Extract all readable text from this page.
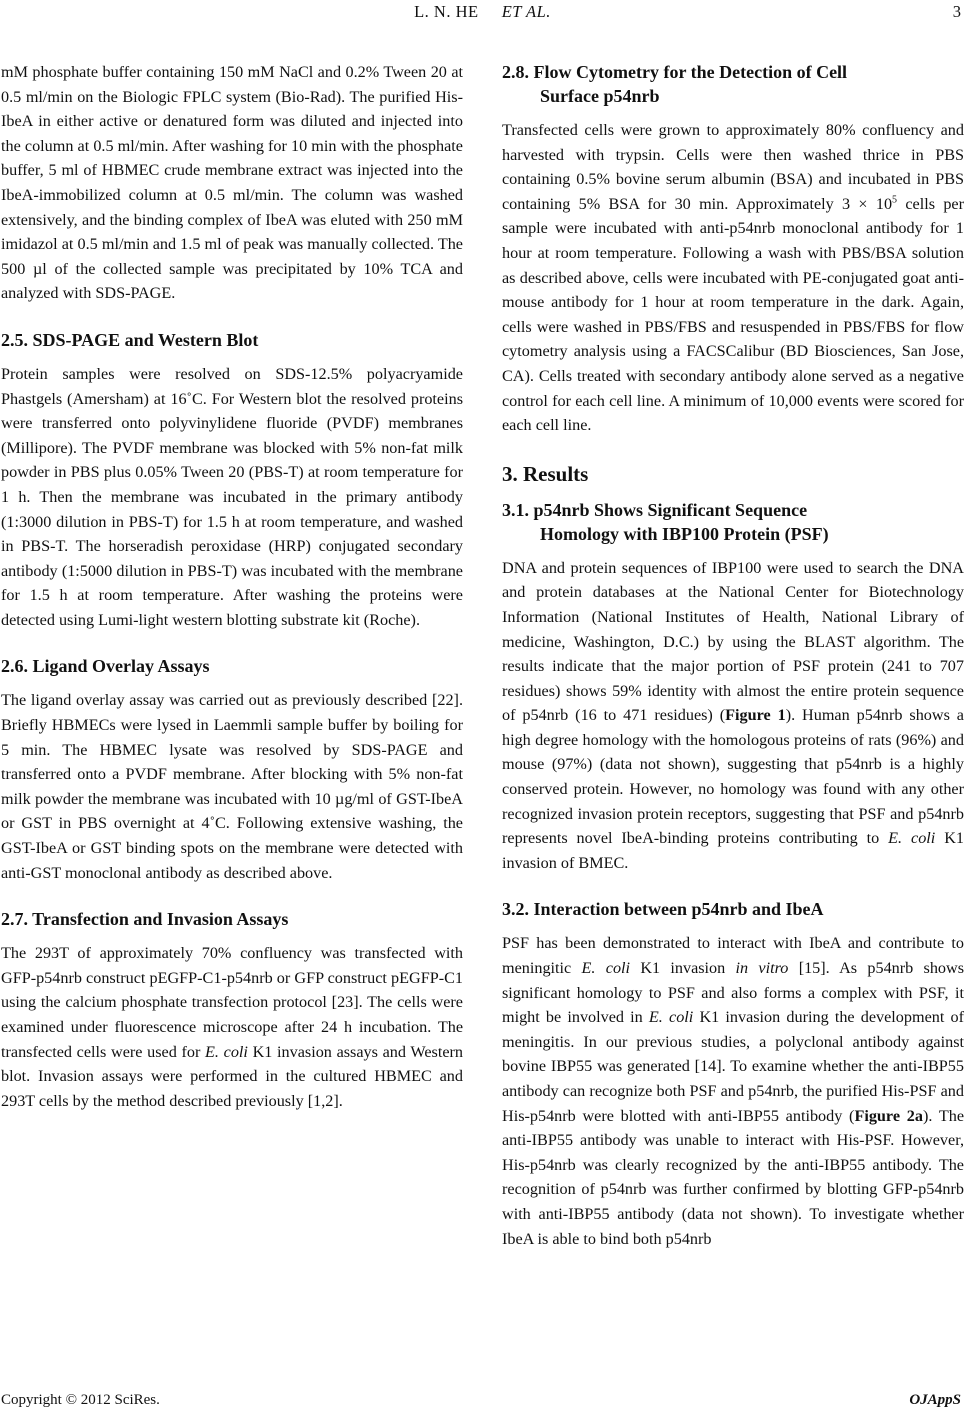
L. N. HE ET AL.	3

mM phosphate buffer containing 150 mM NaCl and 0.2% Tween 20 at 0.5 ml/min on the Biologic FPLC system (Bio-Rad). The purified His-IbeA in either active or denatured form was diluted and injected into the column at 0.5 ml/min. After washing for 10 min with the phosphate buffer, 5 ml of HBMEC crude membrane extract was injected into the IbeA-immobilized column at 0.5 ml/min. The column was washed extensively, and the binding complex of IbeA was eluted with 250 mM imidazol at 0.5 ml/min and 1.5 ml of peak was manually collected. The 500 µl of the collected sample was precipitated by 10% TCA and analyzed with SDS-PAGE.

2.5. SDS-PAGE and Western Blot

Protein samples were resolved on SDS-12.5% polyacryamide Phastgels (Amersham) at 16˚C. For Western blot the resolved proteins were transferred onto polyvinylidene fluoride (PVDF) membranes (Millipore). The PVDF membrane was blocked with 5% non-fat milk powder in PBS plus 0.05% Tween 20 (PBS-T) at room temperature for 1 h. Then the membrane was incubated in the primary antibody (1:3000 dilution in PBS-T) for 1.5 h at room temperature, and washed in PBS-T. The horseradish peroxidase (HRP) conjugated secondary antibody (1:5000 dilution in PBS-T) was incubated with the membrane for 1.5 h at room temperature. After washing the proteins were detected using Lumi-light western blotting substrate kit (Roche).

2.6. Ligand Overlay Assays

The ligand overlay assay was carried out as previously described [22]. Briefly HBMECs were lysed in Laemmli sample buffer by boiling for 5 min. The HBMEC lysate was resolved by SDS-PAGE and transferred onto a PVDF membrane. After blocking with 5% non-fat milk powder the membrane was incubated with 10 µg/ml of GST-IbeA or GST in PBS overnight at 4˚C. Following extensive washing, the GST-IbeA or GST binding spots on the membrane were detected with anti-GST monoclonal antibody as described above.

2.7. Transfection and Invasion Assays

The 293T of approximately 70% confluency was transfected with GFP-p54nrb construct pEGFP-C1-p54nrb or GFP construct pEGFP-C1 using the calcium phosphate transfection protocol [23]. The cells were examined under fluorescence microscope after 24 h incubation. The transfected cells were used for E. coli K1 invasion assays and Western blot. Invasion assays were performed in the cultured HBMEC and 293T cells by the method described previously [1,2].

2.8. Flow Cytometry for the Detection of Cell
Surface p54nrb

Transfected cells were grown to approximately 80% confluency and harvested with trypsin. Cells were then washed thrice in PBS containing 0.5% bovine serum albumin (BSA) and incubated in PBS containing 5% BSA for 30 min. Approximately $3 \times 10^5$ cells per sample were incubated with anti-p54nrb monoclonal antibody for 1 hour at room temperature. Following a wash with PBS/BSA solution as described above, cells were incubated with PE-conjugated goat anti-mouse antibody for 1 hour at room temperature in the dark. Again, cells were washed in PBS/FBS and resuspended in PBS/FBS for flow cytometry analysis using a FACSCalibur (BD Biosciences, San Jose, CA). Cells treated with secondary antibody alone served as a negative control for each cell line. A minimum of 10,000 events were scored for each cell line.

3. Results
3.1. p54nrb Shows Significant Sequence
Homology with IBP100 Protein (PSF)

DNA and protein sequences of IBP100 were used to search the DNA and protein databases at the National Center for Biotechnology Information (National Institutes of Health, National Library of medicine, Washington, D.C.) by using the BLAST algorithm. The results indicate that the major portion of PSF protein (241 to 707 residues) shows 59% identity with almost the entire protein sequence of p54nrb (16 to 471 residues) (Figure 1). Human p54nrb shows a high degree homology with the homologous proteins of rats (96%) and mouse (97%) (data not shown), suggesting that p54nrb is a highly conserved protein. However, no homology was found with any other recognized invasion protein receptors, suggesting that PSF and p54nrb represents novel IbeA-binding proteins contributing to E. coli K1 invasion of BMEC.

3.2. Interaction between p54nrb and IbeA

PSF has been demonstrated to interact with IbeA and contribute to meningitic E. coli K1 invasion in vitro [15]. As p54nrb shows significant homology to PSF and also forms a complex with PSF, it might be involved in E. coli K1 invasion during the development of meningitis. In our previous studies, a polyclonal antibody against bovine IBP55 was generated [14]. To examine whether the anti-IBP55 antibody can recognize both PSF and p54nrb, the purified His-PSF and His-p54nrb were blotted with anti-IBP55 antibody (Figure 2a). The anti-IBP55 antibody was unable to interact with His-PSF. However, His-p54nrb was clearly recognized by the anti-IBP55 antibody. The recognition of p54nrb was further confirmed by blotting GFP-p54nrb with anti-IBP55 antibody (data not shown). To investigate whether IbeA is able to bind both p54nrb

Copyright © 2012 SciRes.	OJAppS
